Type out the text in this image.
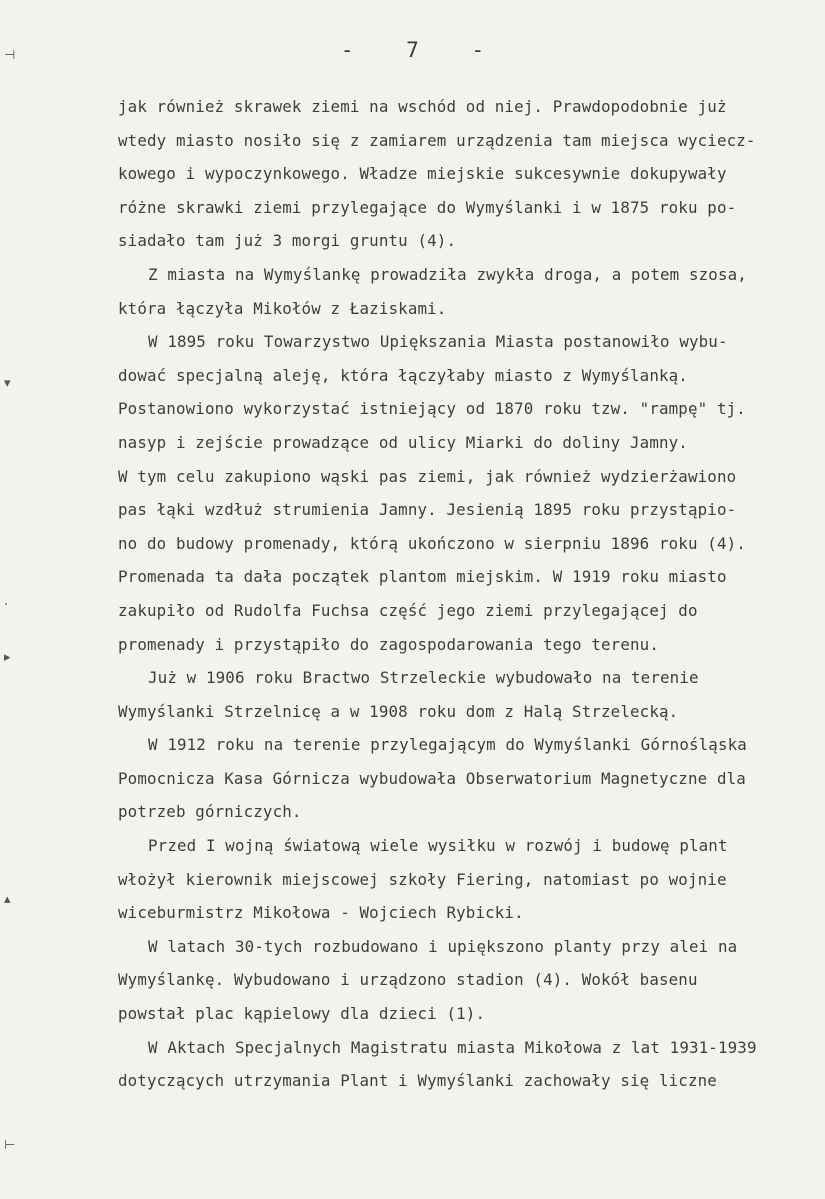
-	7	-
⊣
▾
·
▸
▴
⊢
jak również skrawek ziemi na wschód od niej. Prawdopodobnie już
wtedy miasto nosiło się z zamiarem urządzenia tam miejsca wyciecz-
kowego i wypoczynkowego. Władze miejskie sukcesywnie dokupywały
różne skrawki ziemi przylegające do Wymyślanki i w 1875 roku po-
siadało tam już 3 morgi gruntu (4).
Z miasta na Wymyślankę prowadziła zwykła droga, a potem szosa,
która łączyła Mikołów z Łaziskami.
W 1895 roku Towarzystwo Upiększania Miasta postanowiło wybu-
dować specjalną aleję, która łączyłaby miasto z Wymyślanką.
Postanowiono wykorzystać istniejący od 1870 roku tzw. "rampę" tj.
nasyp i zejście prowadzące od ulicy Miarki do doliny Jamny.
W tym celu zakupiono wąski pas ziemi, jak również wydzierżawiono
pas łąki wzdłuż strumienia Jamny. Jesienią 1895 roku przystąpio-
no do budowy promenady, którą ukończono w sierpniu 1896 roku (4).
Promenada ta dała początek plantom miejskim. W 1919 roku miasto
zakupiło od Rudolfa Fuchsa część jego ziemi przylegającej do
promenady i przystąpiło do zagospodarowania tego terenu.
Już w 1906 roku Bractwo Strzeleckie wybudowało na terenie
Wymyślanki Strzelnicę a w 1908 roku dom z Halą Strzelecką.
W 1912 roku na terenie przylegającym do Wymyślanki Górnośląska
Pomocnicza Kasa Górnicza wybudowała Obserwatorium Magnetyczne dla
potrzeb górniczych.
Przed I wojną światową wiele wysiłku w rozwój i budowę plant
włożył kierownik miejscowej szkoły Fiering, natomiast po wojnie
wiceburmistrz Mikołowa - Wojciech Rybicki.
W latach 30-tych rozbudowano i upiększono planty przy alei na
Wymyślankę. Wybudowano i urządzono stadion (4). Wokół basenu
powstał plac kąpielowy dla dzieci (1).
W Aktach Specjalnych Magistratu miasta Mikołowa z lat 1931-1939
dotyczących utrzymania Plant i Wymyślanki zachowały się liczne
